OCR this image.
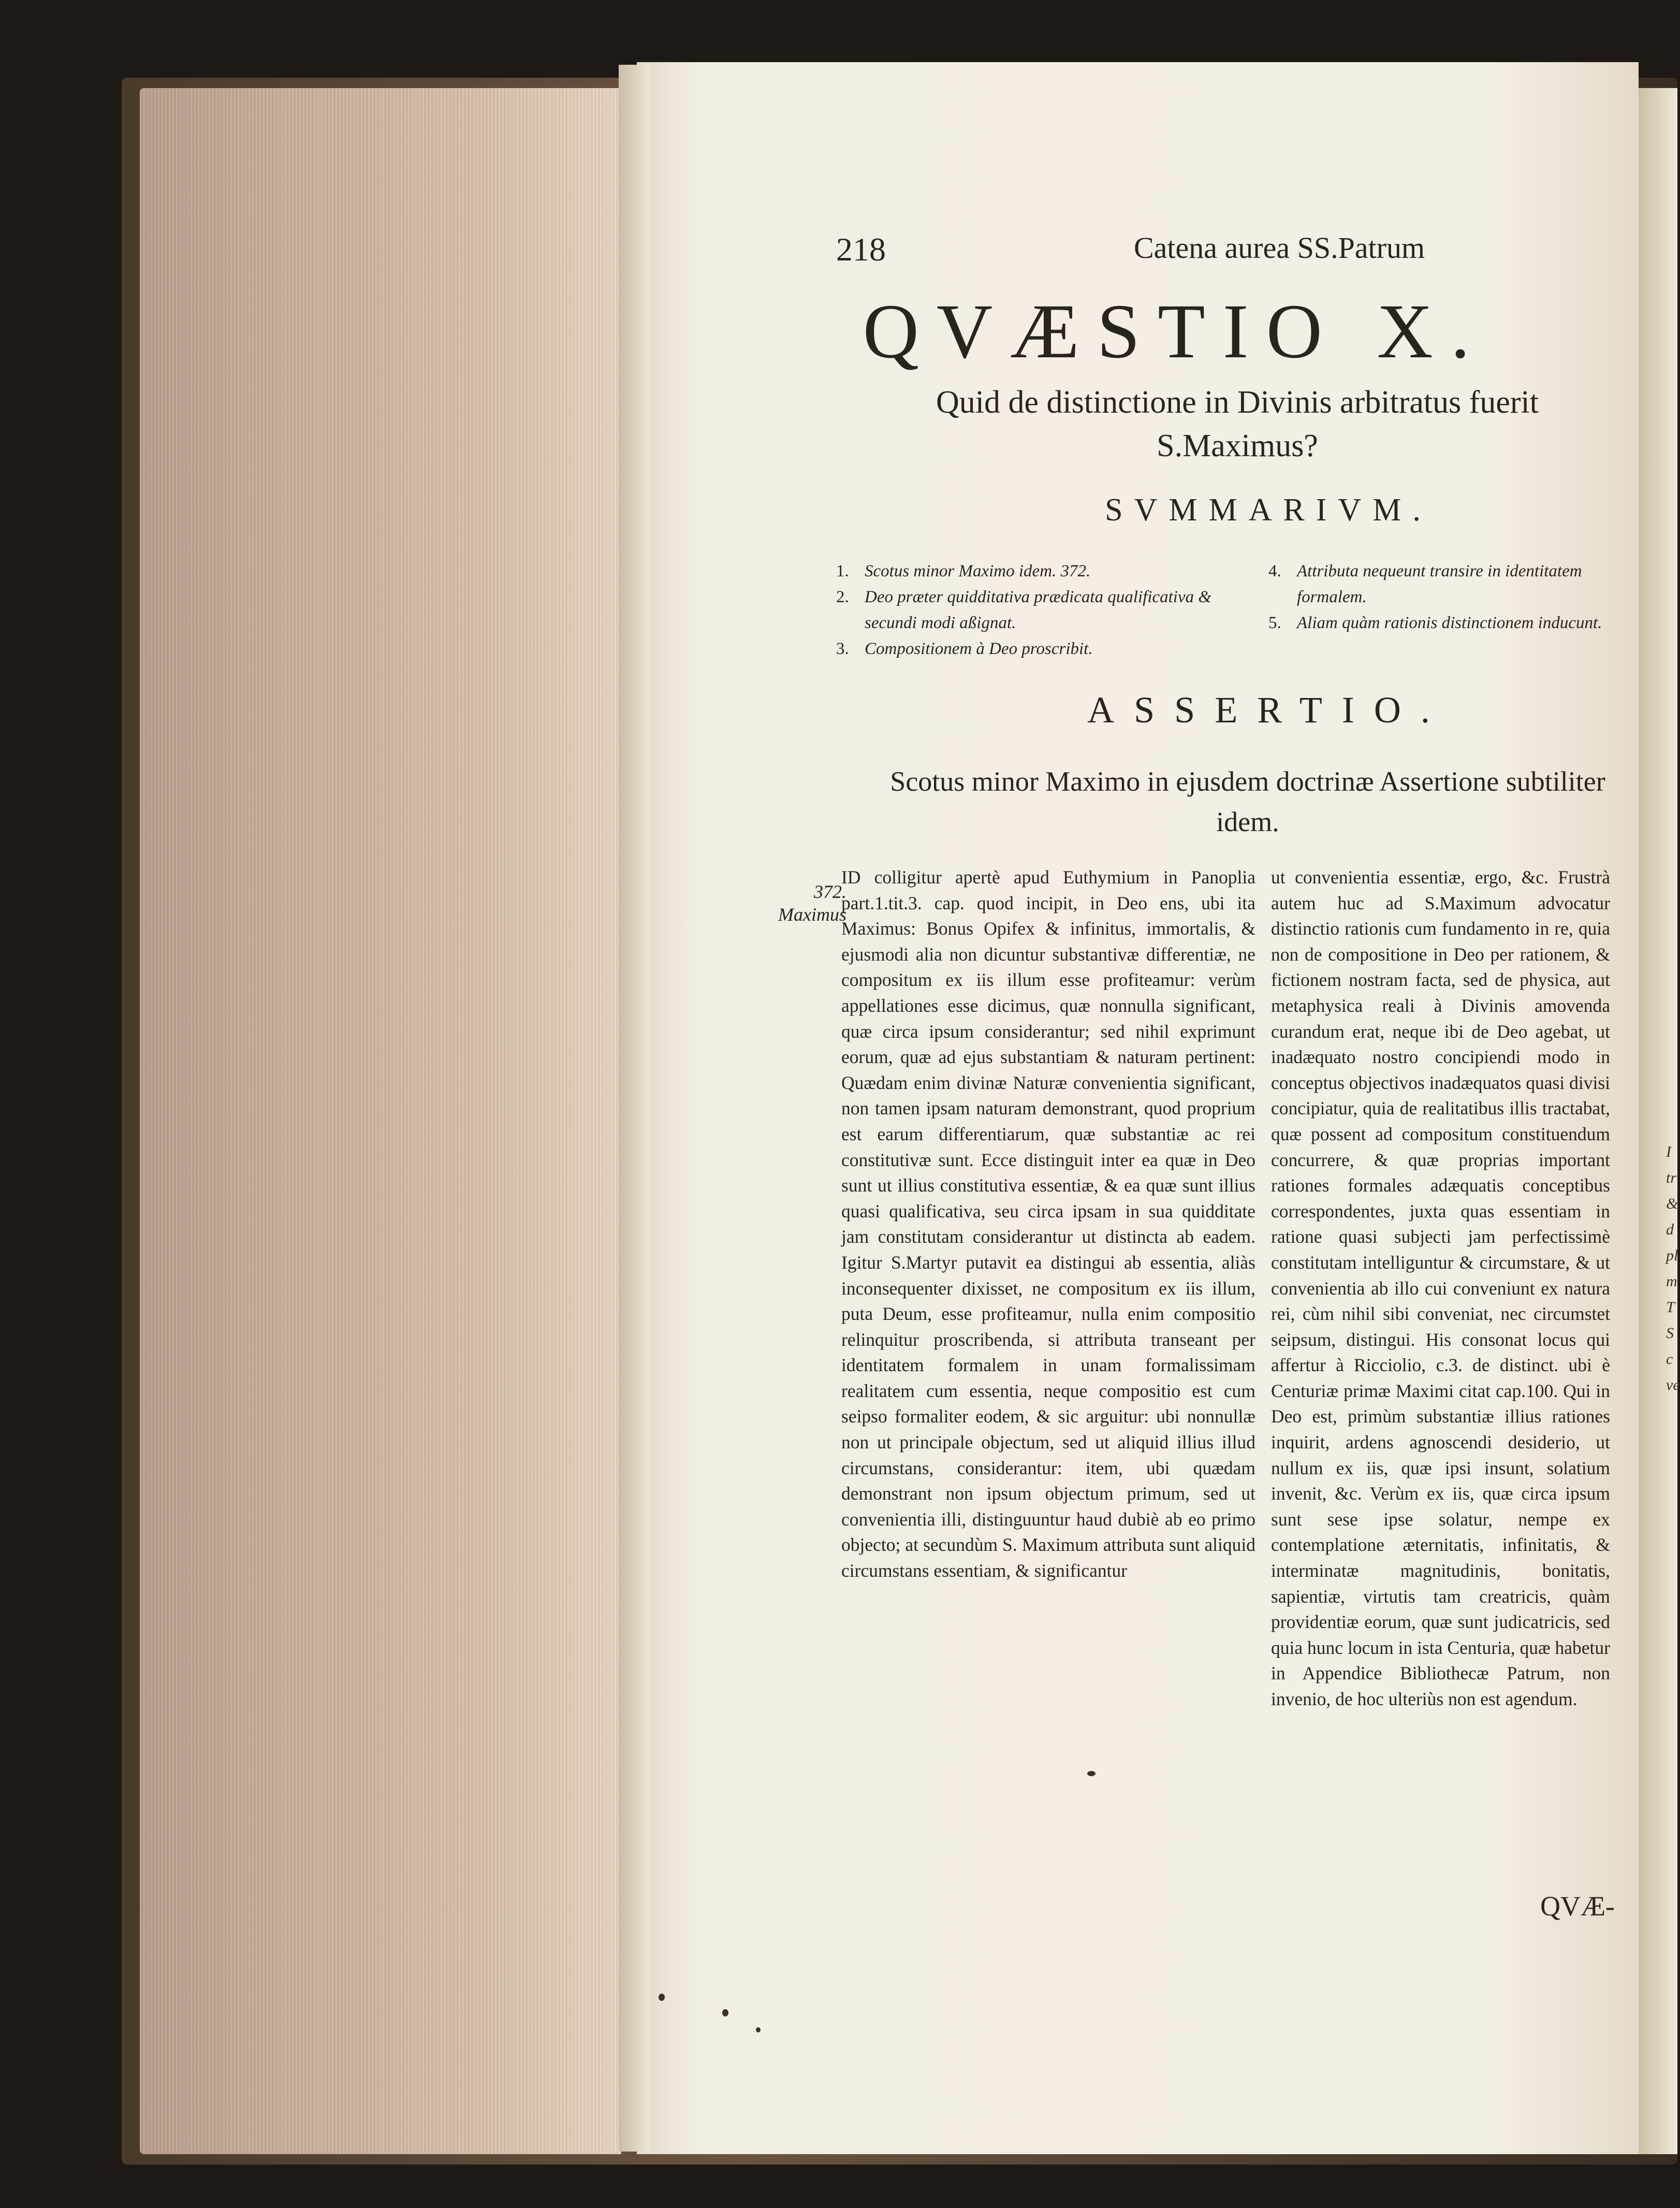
I
tr
&
d
pl
m
T
S
c
ve
218	Catena aurea SS.Patrum
QVÆSTIO X.
Quid de distinctione in Divinis arbitratus fuerit S.Maximus?
SVMMARIVM.
1. Scotus minor Maximo idem. 372.
2. Deo præter quidditativa prædicata qualificativa & secundi modi aßignat.
3. Compositionem à Deo proscribit.
4. Attributa nequeunt transire in identitatem formalem.
5. Aliam quàm rationis distinctionem inducunt.
ASSERTIO.
Scotus minor Maximo in ejusdem doctrinæ Assertione subtiliter idem.
372.
Maximus
ID colligitur apertè apud Euthymium in Panoplia part.1.tit.3. cap. quod incipit, in Deo ens, ubi ita Maximus: Bonus Opifex & infinitus, immortalis, & ejusmodi alia non dicuntur substantivæ differentiæ, ne compositum ex iis illum esse profiteamur: verùm appellationes esse dicimus, quæ nonnulla significant, quæ circa ipsum considerantur; sed nihil exprimunt eorum, quæ ad ejus substantiam & naturam pertinent: Quædam enim divinæ Naturæ convenientia significant, non tamen ipsam naturam demonstrant, quod proprium est earum differentiarum, quæ substantiæ ac rei constitutivæ sunt. Ecce distinguit inter ea quæ in Deo sunt ut illius constitutiva essentiæ, & ea quæ sunt illius quasi qualificativa, seu circa ipsam in sua quidditate jam constitutam considerantur ut distincta ab eadem. Igitur S.Martyr putavit ea distingui ab essentia, aliàs inconsequenter dixisset, ne compositum ex iis illum, puta Deum, esse profiteamur, nulla enim compositio relinquitur proscribenda, si attributa transeant per identitatem formalem in unam formalissimam realitatem cum essentia, neque compositio est cum seipso formaliter eodem, & sic arguitur: ubi nonnullæ non ut principale objectum, sed ut aliquid illius illud circumstans, considerantur: item, ubi quædam demonstrant non ipsum objectum primum, sed ut convenientia illi, distinguuntur haud dubiè ab eo primo objecto; at secundùm S. Maximum attributa sunt aliquid circumstans essentiam, & significantur
ut convenientia essentiæ, ergo, &c. Frustrà autem huc ad S.Maximum advocatur distinctio rationis cum fundamento in re, quia non de compositione in Deo per rationem, & fictionem nostram facta, sed de physica, aut metaphysica reali à Divinis amovenda curandum erat, neque ibi de Deo agebat, ut inadæquato nostro concipiendi modo in conceptus objectivos inadæquatos quasi divisi concipiatur, quia de realitatibus illis tractabat, quæ possent ad compositum constituendum concurrere, & quæ proprias important rationes formales adæquatis conceptibus correspondentes, juxta quas essentiam in ratione quasi subjecti jam perfectissimè constitutam intelliguntur & circumstare, & ut convenientia ab illo cui conveniunt ex natura rei, cùm nihil sibi conveniat, nec circumstet seipsum, distingui. His consonat locus qui affertur à Ricciolio, c.3. de distinct. ubi è Centuriæ primæ Maximi citat cap.100. Qui in Deo est, primùm substantiæ illius rationes inquirit, ardens agnoscendi desiderio, ut nullum ex iis, quæ ipsi insunt, solatium invenit, &c. Verùm ex iis, quæ circa ipsum sunt sese ipse solatur, nempe ex contemplatione æternitatis, infinitatis, & interminatæ magnitudinis, bonitatis, sapientiæ, virtutis tam creatricis, quàm providentiæ eorum, quæ sunt judicatricis, sed quia hunc locum in ista Centuria, quæ habetur in Appendice Bibliothecæ Patrum, non invenio, de hoc ulteriùs non est agendum.
QVÆ-
